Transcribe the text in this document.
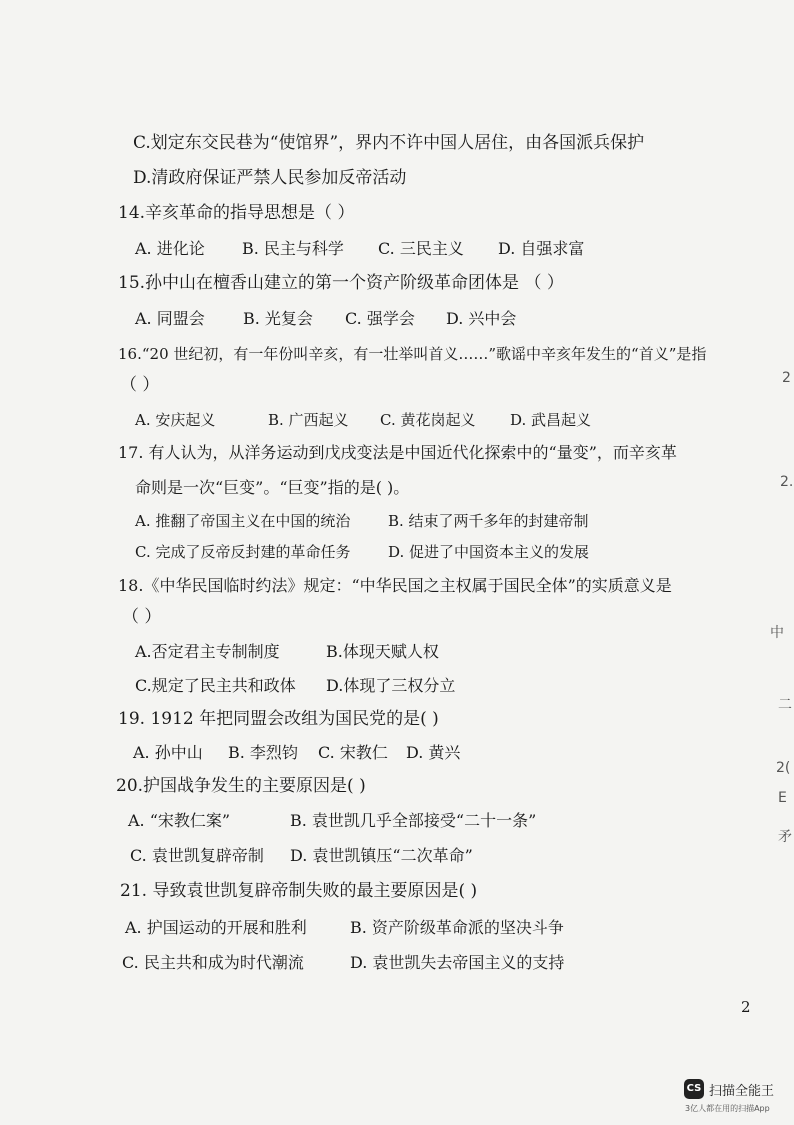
C.划定东交民巷为“使馆界”，界内不许中国人居住，由各国派兵保护
D.清政府保证严禁人民参加反帝活动
14.辛亥革命的指导思想是（ ）
A. 进化论 B. 民主与科学 C. 三民主义 D. 自强求富
15.孙中山在檀香山建立的第一个资产阶级革命团体是 （ ）
A. 同盟会 B. 光复会 C. 强学会 D. 兴中会
16.“20 世纪初，有一年份叫辛亥，有一壮举叫首义……”歌谣中辛亥年发生的“首义”是指
（ ）
A. 安庆起义	B. 广西起义 C. 黄花岗起义 D. 武昌起义
17. 有人认为，从洋务运动到戊戌变法是中国近代化探索中的“量变”，而辛亥革
命则是一次“巨变”。“巨变”指的是( )。
A. 推翻了帝国主义在中国的统治	B. 结束了两千多年的封建帝制
C. 完成了反帝反封建的革命任务	D. 促进了中国资本主义的发展
18.《中华民国临时约法》规定：“中华民国之主权属于国民全体”的实质意义是
（ ）
A.否定君主专制制度	B.体现天赋人权
C.规定了民主共和政体 D.体现了三权分立
19. 1912 年把同盟会改组为国民党的是( )
A. 孙中山 B. 李烈钧 C. 宋教仁 D. 黄兴
20.护国战争发生的主要原因是( )
A. “宋教仁案”	B. 袁世凯几乎全部接受“二十一条”
C. 袁世凯复辟帝制 D. 袁世凯镇压“二次革命”
21. 导致袁世凯复辟帝制失败的最主要原因是( )
A. 护国运动的开展和胜利	B. 资产阶级革命派的坚决斗争
C. 民主共和成为时代潮流	D. 袁世凯失去帝国主义的支持
2
2
2.
中
二
2(
E
矛
CS 扫描全能王
3亿人都在用的扫描App
